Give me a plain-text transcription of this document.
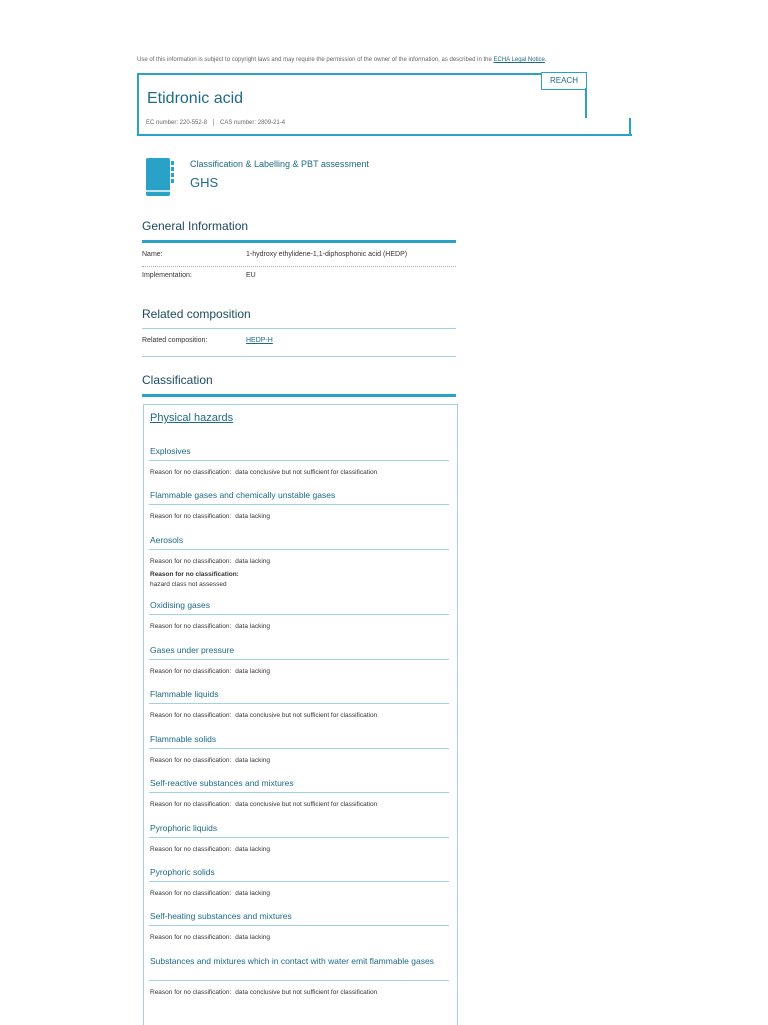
Use of this information is subject to copyright laws and may require the permission of the owner of the information, as described in the ECHA Legal Notice.
REACH
Etidronic acid
EC number: 220-552-8 CAS number: 2809-21-4
Classification & Labelling & PBT assessment
GHS
General Information
Name:	1-hydroxy ethylidene-1,1-diphosphonic acid (HEDP)
Implementation:	EU
Related composition
Related composition:	HEDP-H
Classification
Physical hazards
Explosives
Reason for no classification: data conclusive but not sufficient for classification
Flammable gases and chemically unstable gases
Reason for no classification: data lacking
Aerosols
Reason for no classification: data lacking
Reason for no classification:
hazard class not assessed
Oxidising gases
Reason for no classification: data lacking
Gases under pressure
Reason for no classification: data lacking
Flammable liquids
Reason for no classification: data conclusive but not sufficient for classification
Flammable solids
Reason for no classification: data lacking
Self-reactive substances and mixtures
Reason for no classification: data conclusive but not sufficient for classification
Pyrophoric liquids
Reason for no classification: data lacking
Pyrophoric solids
Reason for no classification: data lacking
Self-heating substances and mixtures
Reason for no classification: data lacking
Substances and mixtures which in contact with water emit flammable gases
Reason for no classification: data conclusive but not sufficient for classification
